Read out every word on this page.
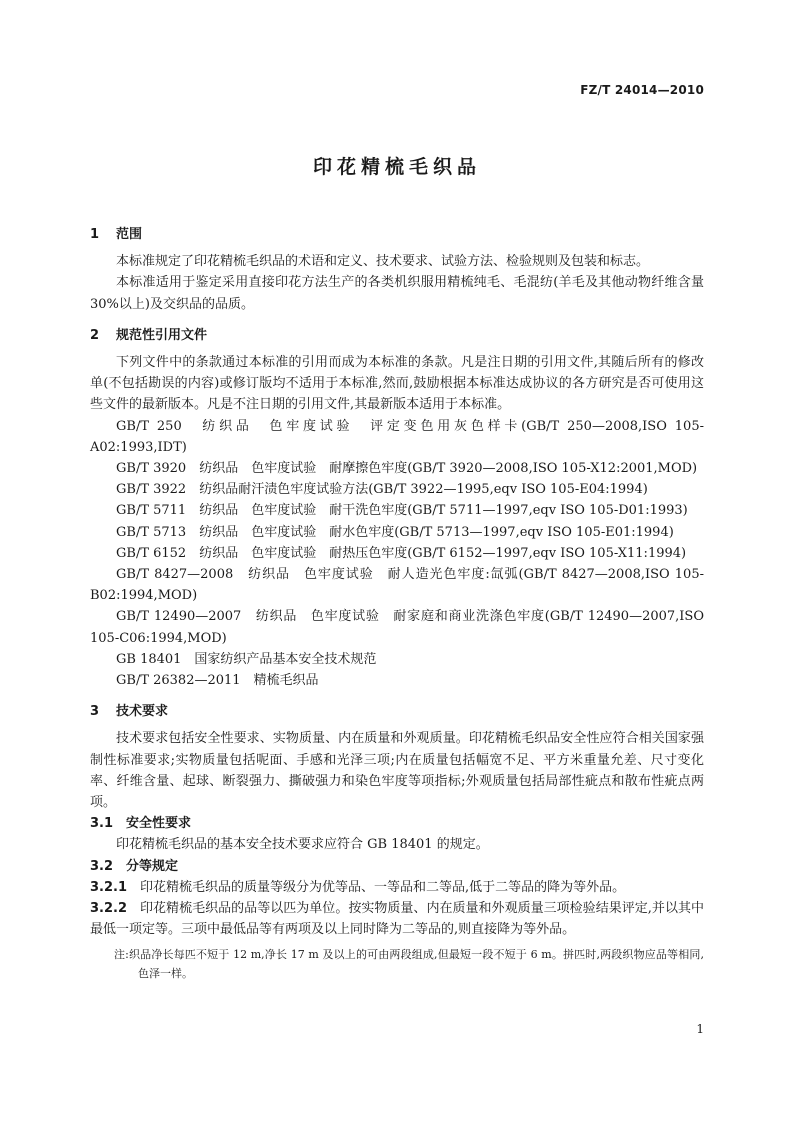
FZ/T 24014—2010
印花精梳毛织品
1 范围

本标准规定了印花精梳毛织品的术语和定义、技术要求、试验方法、检验规则及包装和标志。

本标准适用于鉴定采用直接印花方法生产的各类机织服用精梳纯毛、毛混纺(羊毛及其他动物纤维含量 30%以上)及交织品的品质。

2 规范性引用文件

下列文件中的条款通过本标准的引用而成为本标准的条款。凡是注日期的引用文件,其随后所有的修改单(不包括勘误的内容)或修订版均不适用于本标准,然而,鼓励根据本标准达成协议的各方研究是否可使用这些文件的最新版本。凡是不注日期的引用文件,其最新版本适用于本标准。

GB/T 250　纺织品　色牢度试验　评定变色用灰色样卡(GB/T 250—2008,ISO 105-A02:1993,IDT)

GB/T 3920　纺织品　色牢度试验　耐摩擦色牢度(GB/T 3920—2008,ISO 105-X12:2001,MOD)

GB/T 3922　纺织品耐汗渍色牢度试验方法(GB/T 3922—1995,eqv ISO 105-E04:1994)

GB/T 5711　纺织品　色牢度试验　耐干洗色牢度(GB/T 5711—1997,eqv ISO 105-D01:1993)

GB/T 5713　纺织品　色牢度试验　耐水色牢度(GB/T 5713—1997,eqv ISO 105-E01:1994)

GB/T 6152　纺织品　色牢度试验　耐热压色牢度(GB/T 6152—1997,eqv ISO 105-X11:1994)

GB/T 8427—2008　纺织品　色牢度试验　耐人造光色牢度:氙弧(GB/T 8427—2008,ISO 105-B02:1994,MOD)

GB/T 12490—2007　纺织品　色牢度试验　耐家庭和商业洗涤色牢度(GB/T 12490—2007,ISO 105-C06:1994,MOD)

GB 18401　国家纺织产品基本安全技术规范

GB/T 26382—2011　精梳毛织品

3 技术要求

技术要求包括安全性要求、实物质量、内在质量和外观质量。印花精梳毛织品安全性应符合相关国家强制性标准要求;实物质量包括呢面、手感和光泽三项;内在质量包括幅宽不足、平方米重量允差、尺寸变化率、纤维含量、起球、断裂强力、撕破强力和染色牢度等项指标;外观质量包括局部性疵点和散布性疵点两项。

3.1 安全性要求

印花精梳毛织品的基本安全技术要求应符合 GB 18401 的规定。

3.2 分等规定

3.2.1 印花精梳毛织品的质量等级分为优等品、一等品和二等品,低于二等品的降为等外品。

3.2.2 印花精梳毛织品的品等以匹为单位。按实物质量、内在质量和外观质量三项检验结果评定,并以其中最低一项定等。三项中最低品等有两项及以上同时降为二等品的,则直接降为等外品。

注:织品净长每匹不短于 12 m,净长 17 m 及以上的可由两段组成,但最短一段不短于 6 m。拼匹时,两段织物应品等相同,色泽一样。

1
